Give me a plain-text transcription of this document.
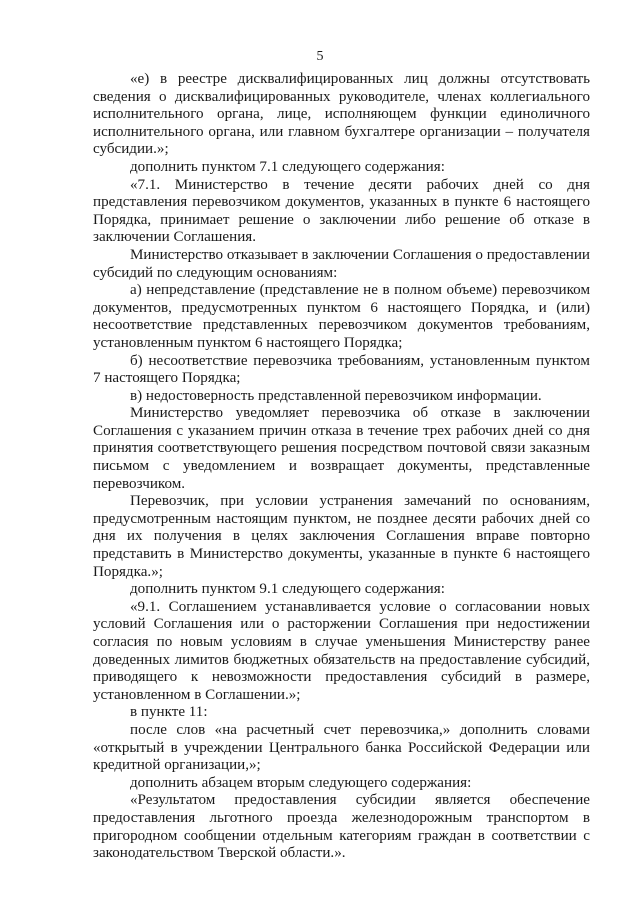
5

«е) в реестре дисквалифицированных лиц должны отсутствовать сведения о дисквалифицированных руководителе, членах коллегиального исполнительного органа, лице, исполняющем функции единоличного исполнительного органа, или главном бухгалтере организации – получателя субсидии.»;

дополнить пунктом 7.1 следующего содержания:

«7.1. Министерство в течение десяти рабочих дней со дня представления перевозчиком документов, указанных в пункте 6 настоящего Порядка, принимает решение о заключении либо решение об отказе в заключении Соглашения.

Министерство отказывает в заключении Соглашения о предоставлении субсидий по следующим основаниям:

а) непредставление (представление не в полном объеме) перевозчиком документов, предусмотренных пунктом 6 настоящего Порядка, и (или) несоответствие представленных перевозчиком документов требованиям, установленным пунктом 6 настоящего Порядка;

б) несоответствие перевозчика требованиям, установленным пунктом 7 настоящего Порядка;

в) недостоверность представленной перевозчиком информации.

Министерство уведомляет перевозчика об отказе в заключении Соглашения с указанием причин отказа в течение трех рабочих дней со дня принятия соответствующего решения посредством почтовой связи заказным письмом с уведомлением и возвращает документы, представленные перевозчиком.

Перевозчик, при условии устранения замечаний по основаниям, предусмотренным настоящим пунктом, не позднее десяти рабочих дней со дня их получения в целях заключения Соглашения вправе повторно представить в Министерство документы, указанные в пункте 6 настоящего Порядка.»;

дополнить пунктом 9.1 следующего содержания:

«9.1. Соглашением устанавливается условие о согласовании новых условий Соглашения или о расторжении Соглашения при недостижении согласия по новым условиям в случае уменьшения Министерству ранее доведенных лимитов бюджетных обязательств на предоставление субсидий, приводящего к невозможности предоставления субсидий в размере, установленном в Соглашении.»;

в пункте 11:

после слов «на расчетный счет перевозчика,» дополнить словами «открытый в учреждении Центрального банка Российской Федерации или кредитной организации,»;

дополнить абзацем вторым следующего содержания:

«Результатом предоставления субсидии является обеспечение предоставления льготного проезда железнодорожным транспортом в пригородном сообщении отдельным категориям граждан в соответствии с законодательством Тверской области.».
